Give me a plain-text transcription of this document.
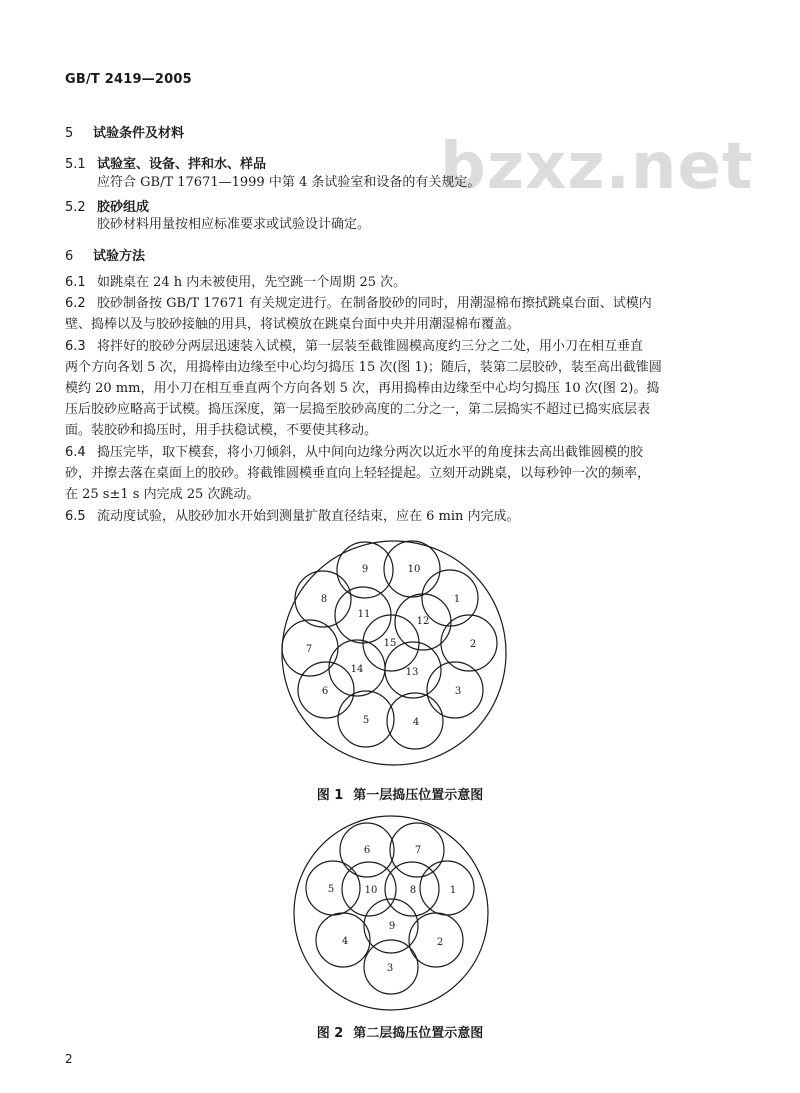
GB/T 2419—2005
bzxz.net
5 试验条件及材料
5.1 试验室、设备、拌和水、样品
应符合 GB/T 17671—1999 中第 4 条试验室和设备的有关规定。
5.2 胶砂组成
胶砂材料用量按相应标准要求或试验设计确定。
6 试验方法
6.1 如跳桌在 24 h 内未被使用，先空跳一个周期 25 次。
6.2 胶砂制备按 GB/T 17671 有关规定进行。在制备胶砂的同时，用潮湿棉布擦拭跳桌台面、试模内
壁、捣棒以及与胶砂接触的用具，将试模放在跳桌台面中央并用潮湿棉布覆盖。
6.3 将拌好的胶砂分两层迅速装入试模，第一层装至截锥圆模高度约三分之二处，用小刀在相互垂直
两个方向各划 5 次，用捣棒由边缘至中心均匀捣压 15 次(图 1)；随后，装第二层胶砂，装至高出截锥圆
模约 20 mm，用小刀在相互垂直两个方向各划 5 次，再用捣棒由边缘至中心均匀捣压 10 次(图 2)。捣
压后胶砂应略高于试模。捣压深度，第一层捣至胶砂高度的二分之一，第二层捣实不超过已捣实底层表
面。装胶砂和捣压时，用手扶稳试模，不要使其移动。
6.4 捣压完毕，取下模套，将小刀倾斜，从中间向边缘分两次以近水平的角度抹去高出截锥圆模的胶
砂，并擦去落在桌面上的胶砂。将截锥圆模垂直向上轻轻提起。立刻开动跳桌，以每秒钟一次的频率，
在 25 s±1 s 内完成 25 次跳动。
6.5 流动度试验，从胶砂加水开始到测量扩散直径结束，应在 6 min 内完成。
1
2
3
4
5
6
7
8
9	10
11
12
13
14
15
图 1 第一层捣压位置示意图
1
2
3
4
5
6	7
8
9
10
图 2 第二层捣压位置示意图
2
